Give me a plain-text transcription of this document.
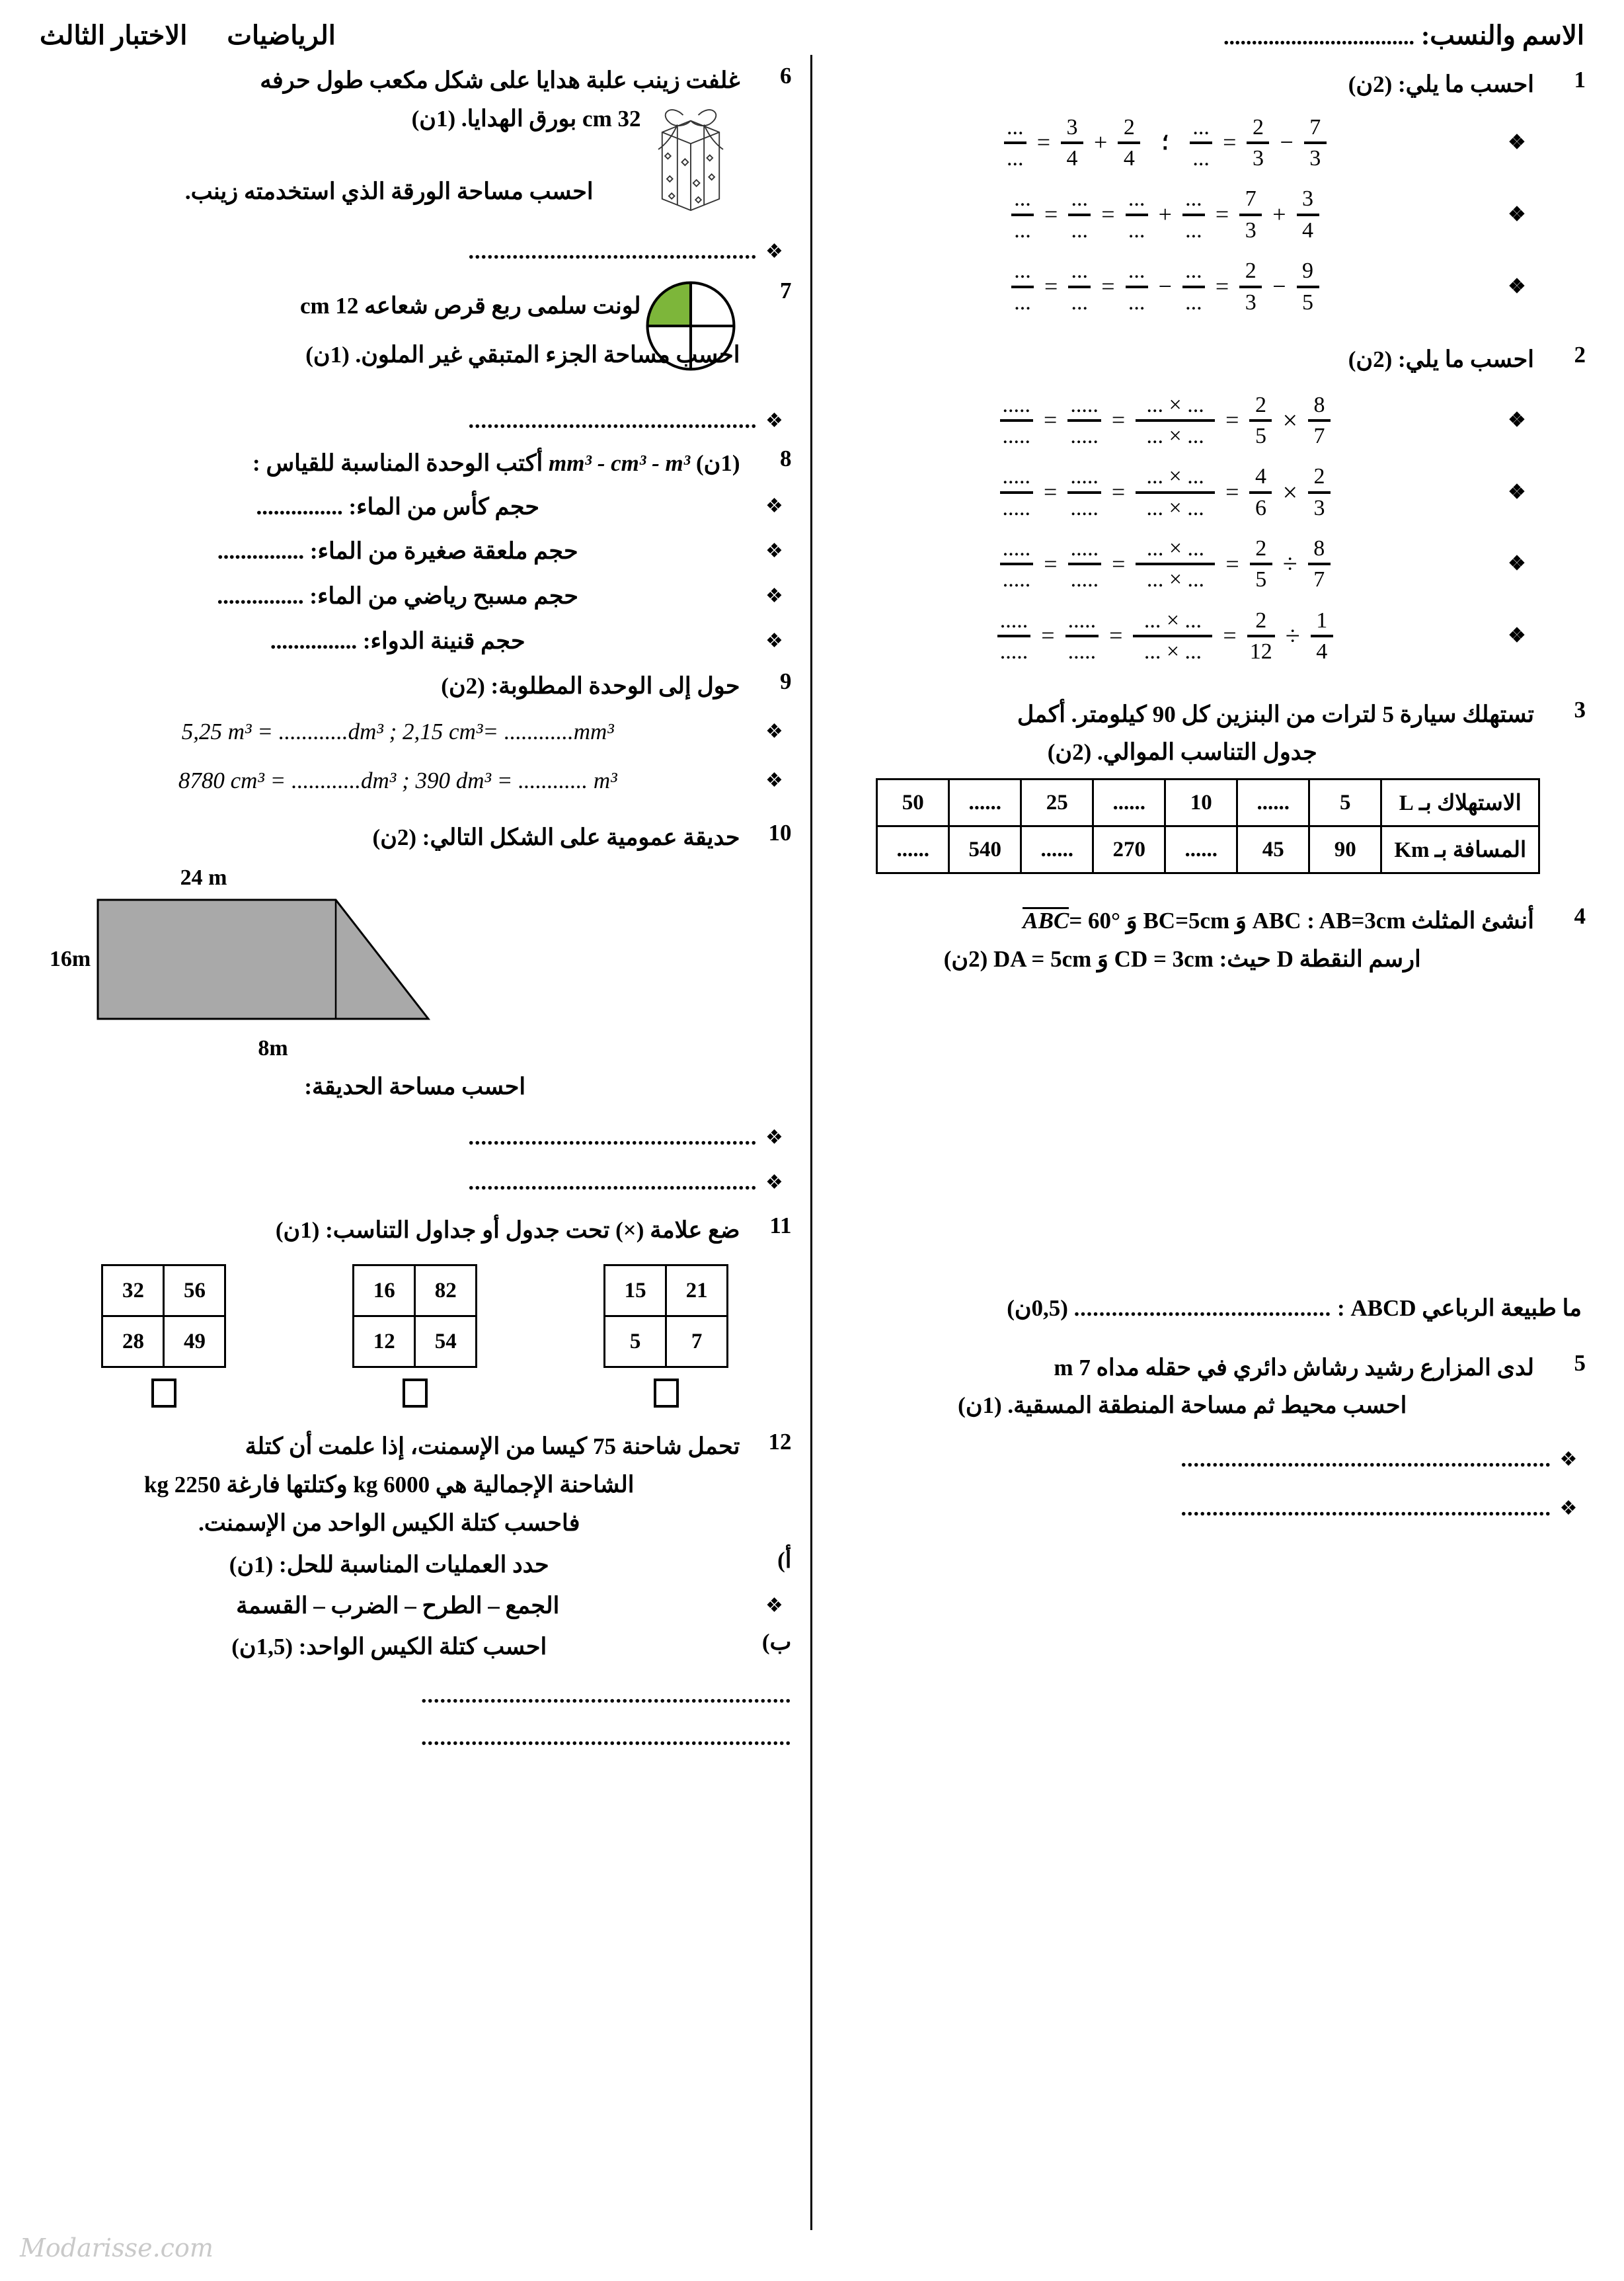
الاسم والنسب: ..................................
الرياضيات
الاختبار الثالث
1
احسب ما يلي: (2ن)
❖
$\frac{7}{3}$
−
$\frac{2}{3}$
=
$\frac{...}{...}$
؛
$\frac{2}{4}$
+
$\frac{3}{4}$
=
$\frac{...}{...}$
❖
$\frac{3}{4}$
+
$\frac{7}{3}$
=
$\frac{...}{...}$
+
$\frac{...}{...}$
=
$\frac{...}{...}$
=
$\frac{...}{...}$
❖
$\frac{9}{5}$
−
$\frac{2}{3}$
=
$\frac{...}{...}$
−
$\frac{...}{...}$
=
$\frac{...}{...}$
=
$\frac{...}{...}$
2
احسب ما يلي: (2ن)
❖
$\frac{8}{7}$
×
$\frac{2}{5}$
=
$\frac{... \times ...}{... \times ...}$
=
$\frac{.....}{.....}$
=
$\frac{.....}{.....}$
❖
$\frac{2}{3}$
×
$\frac{4}{6}$
=
$\frac{... \times ...}{... \times ...}$
=
$\frac{.....}{.....}$
=
$\frac{.....}{.....}$
❖
$\frac{8}{7}$
÷
$\frac{2}{5}$
=
$\frac{... \times ...}{... \times ...}$
=
$\frac{.....}{.....}$
=
$\frac{.....}{.....}$
❖
$\frac{1}{4}$
÷
$\frac{2}{12}$
=
$\frac{... \times ...}{... \times ...}$
=
$\frac{.....}{.....}$
=
$\frac{.....}{.....}$
3
تستهلك سيارة 5 لترات من البنزين كل 90 كيلومتر. أكمل
جدول التناسب الموالي. (2ن)
الاستهلاك بـ L	5	......	10	......	25	......	50
المسافة بـ Km	90	45	......	270	......	540	......
4
أنشئ المثلث ABC : AB=3cm وَ BC=5cm وَ ABC= 60°
ارسم النقطة D حيث: CD = 3cm وَ DA = 5cm (2ن)
ما طبيعة الرباعي ABCD : ......................................... (0,5ن)
5
لدى المزارع رشيد رشاش دائري في حقله مداه 7 m
احسب محيط ثم مساحة المنطقة المسقية. (1ن)
❖
...........................................................
❖
...........................................................
6
غلفت زينب علبة هدايا على شكل مكعب طول حرفه
32 cm بورق الهدايا. (1ن)
احسب مساحة الورقة الذي استخدمته زينب.
❖
..............................................
7
لونت سلمى ربع قرص شعاعه 12 cm
احسب مساحة الجزء المتبقي غير الملون. (1ن)
❖
..............................................
8
(1ن) mm³ - cm³ - m³ أكتب الوحدة المناسبة للقياس :
❖
حجم كأس من الماء: ...............
❖
حجم ملعقة صغيرة من الماء: ...............
❖
حجم مسبح رياضي من الماء: ...............
❖
حجم قنينة الدواء: ...............
9
حول إلى الوحدة المطلوبة: (2ن)
❖
5,25 m³ = ............dm³ ; 2,15 cm³= ............mm³
❖
8780 cm³ = ............dm³ ; 390 dm³ = ............ m³
10
حديقة عمومية على الشكل التالي: (2ن)
24 m
16m
8m
احسب مساحة الحديقة:
❖
..............................................
❖
..............................................
11
ضع علامة (×) تحت جدول أو جداول التناسب: (1ن)
56	32
49	28
82	16
54	12
21	15
7	5
12
تحمل شاحنة 75 كيسا من الإسمنت، إذا علمت أن كتلة
الشاحنة الإجمالية هي 6000 kg وكتلتها فارغة 2250 kg
فاحسب كتلة الكيس الواحد من الإسمنت.
أ)
حدد العمليات المناسبة للحل: (1ن)
❖
الجمع – الطرح – الضرب – القسمة
ب)
احسب كتلة الكيس الواحد: (1,5ن)
...........................................................
...........................................................
Modarisse.com
